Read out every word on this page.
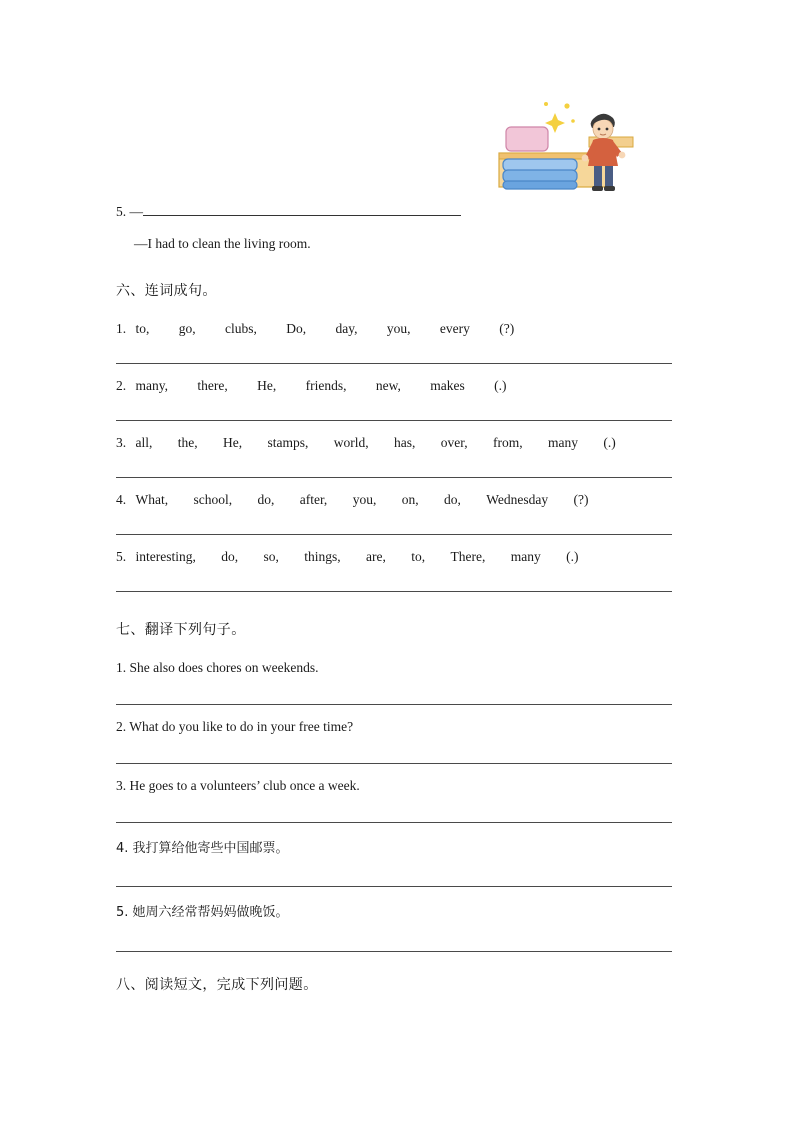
5. —
—I had to clean the living room.
六、连词成句。
1. to, go, clubs, Do, day, you, every (?)
2. many, there, He, friends, new, makes (.)
3. all, the, He, stamps, world, has, over, from, many (.)
4. What, school, do, after, you, on, do, Wednesday (?)
5. interesting, do, so, things, are, to, There, many (.)
七、翻译下列句子。
1. She also does chores on weekends.
2. What do you like to do in your free time?
3. He goes to a volunteers’ club once a week.
4. 我打算给他寄些中国邮票。
5. 她周六经常帮妈妈做晚饭。
八、阅读短文，完成下列问题。
